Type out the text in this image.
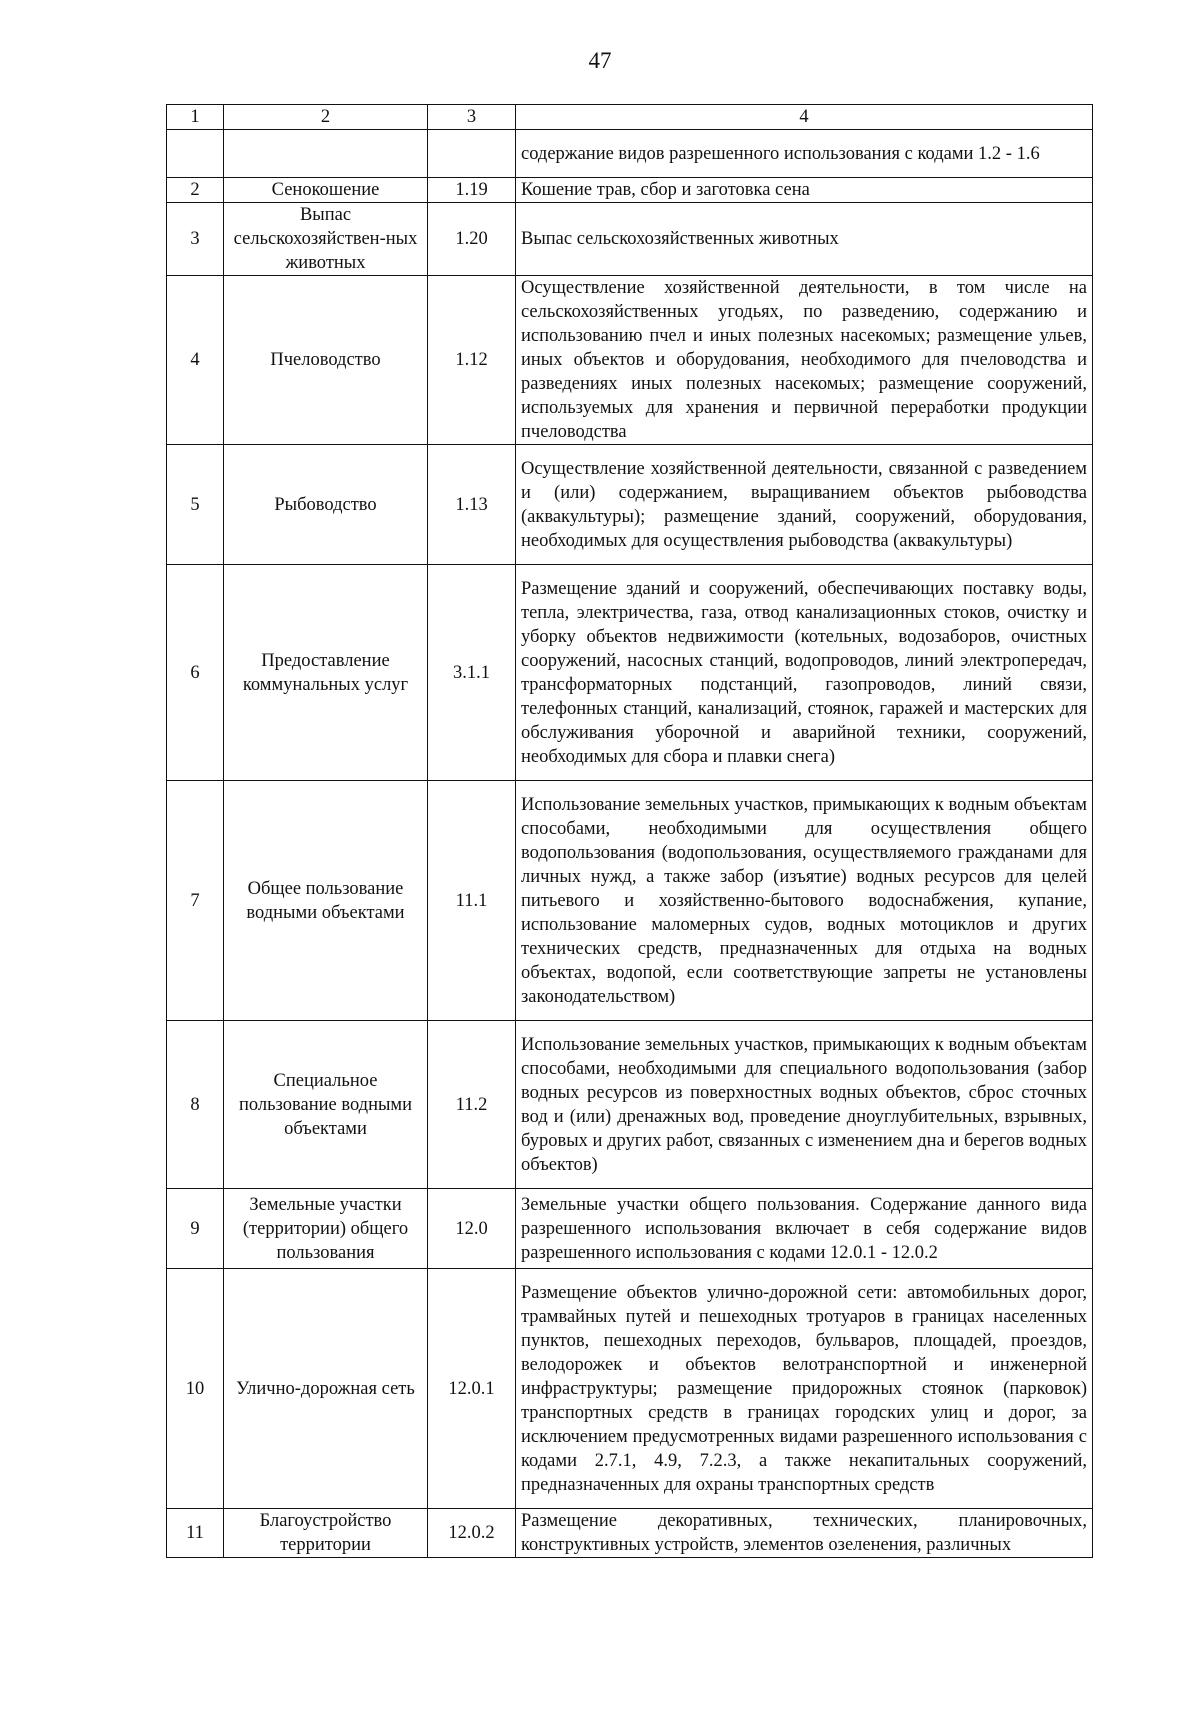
47
1	2	3	4
			содержание видов разрешенного использования с кодами 1.2 - 1.6
2	Сенокошение	1.19	Кошение трав, сбор и заготовка сена
3	Выпас сельскохозяйствен-ных животных	1.20	Выпас сельскохозяйственных животных
4	Пчеловодство	1.12	Осуществление хозяйственной деятельности, в том числе на сельскохозяйственных угодьях, по разведению, содержанию и использованию пчел и иных полезных насекомых; размещение ульев, иных объектов и оборудования, необходимого для пчеловодства и разведениях иных полезных насекомых; размещение сооружений, используемых для хранения и первичной переработки продукции пчеловодства
5	Рыбоводство	1.13	Осуществление хозяйственной деятельности, связанной с разведением и (или) содержанием, выращиванием объектов рыбоводства (аквакультуры); размещение зданий, сооружений, оборудования, необходимых для осуществления рыбоводства (аквакультуры)
6	Предоставление коммунальных услуг	3.1.1	Размещение зданий и сооружений, обеспечивающих поставку воды, тепла, электричества, газа, отвод канализационных стоков, очистку и уборку объектов недвижимости (котельных, водозаборов, очистных сооружений, насосных станций, водопроводов, линий электропередач, трансформаторных подстанций, газопроводов, линий связи, телефонных станций, канализаций, стоянок, гаражей и мастерских для обслуживания уборочной и аварийной техники, сооружений, необходимых для сбора и плавки снега)
7	Общее пользование водными объектами	11.1	Использование земельных участков, примыкающих к водным объектам способами, необходимыми для осуществления общего водопользования (водопользования, осуществляемого гражданами для личных нужд, а также забор (изъятие) водных ресурсов для целей питьевого и хозяйственно-бытового водоснабжения, купание, использование маломерных судов, водных мотоциклов и других технических средств, предназначенных для отдыха на водных объектах, водопой, если соответствующие запреты не установлены законодательством)
8	Специальное пользование водными объектами	11.2	Использование земельных участков, примыкающих к водным объектам способами, необходимыми для специального водопользования (забор водных ресурсов из поверхностных водных объектов, сброс сточных вод и (или) дренажных вод, проведение дноуглубительных, взрывных, буровых и других работ, связанных с изменением дна и берегов водных объектов)
9	Земельные участки (территории) общего пользования	12.0	Земельные участки общего пользования. Содержание данного вида разрешенного использования включает в себя содержание видов разрешенного использования с кодами 12.0.1 - 12.0.2
10	Улично-дорожная сеть	12.0.1	Размещение объектов улично-дорожной сети: автомобильных дорог, трамвайных путей и пешеходных тротуаров в границах населенных пунктов, пешеходных переходов, бульваров, площадей, проездов, велодорожек и объектов велотранспортной и инженерной инфраструктуры; размещение придорожных стоянок (парковок) транспортных средств в границах городских улиц и дорог, за исключением предусмотренных видами разрешенного использования с кодами 2.7.1, 4.9, 7.2.3, а также некапитальных сооружений, предназначенных для охраны транспортных средств
11	Благоустройство территории	12.0.2	Размещение декоративных, технических, планировочных, конструктивных устройств, элементов озеленения, различных
